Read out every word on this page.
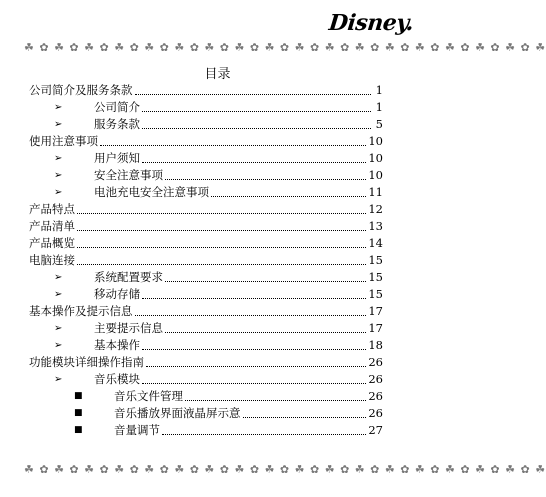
Disney.
☘ ✿ ☘ ✿ ☘ ✿ ☘ ✿ ☘ ✿ ☘ ✿ ☘ ✿ ☘ ✿ ☘ ✿ ☘ ✿ ☘ ✿ ☘ ✿ ☘ ✿ ☘ ✿ ☘ ✿ ☘ ✿ ☘ ✿ ☘
目录
公司简介及服务条款	1
➢	公司简介	1
➢	服务条款	5
使用注意事项	10
➢	用户须知	10
➢	安全注意事项	10
➢	电池充电安全注意事项	11
产品特点	12
产品清单	13
产品概览	14
电脑连接	15
➢	系统配置要求	15
➢	移动存储	15
基本操作及提示信息	17
➢	主要提示信息	17
➢	基本操作	18
功能模块详细操作指南	26
➢	音乐模块	26
■	音乐文件管理	26
■	音乐播放界面液晶屏示意	26
■	音量调节	27
☘ ✿ ☘ ✿ ☘ ✿ ☘ ✿ ☘ ✿ ☘ ✿ ☘ ✿ ☘ ✿ ☘ ✿ ☘ ✿ ☘ ✿ ☘ ✿ ☘ ✿ ☘ ✿ ☘ ✿ ☘ ✿ ☘ ✿ ☘
